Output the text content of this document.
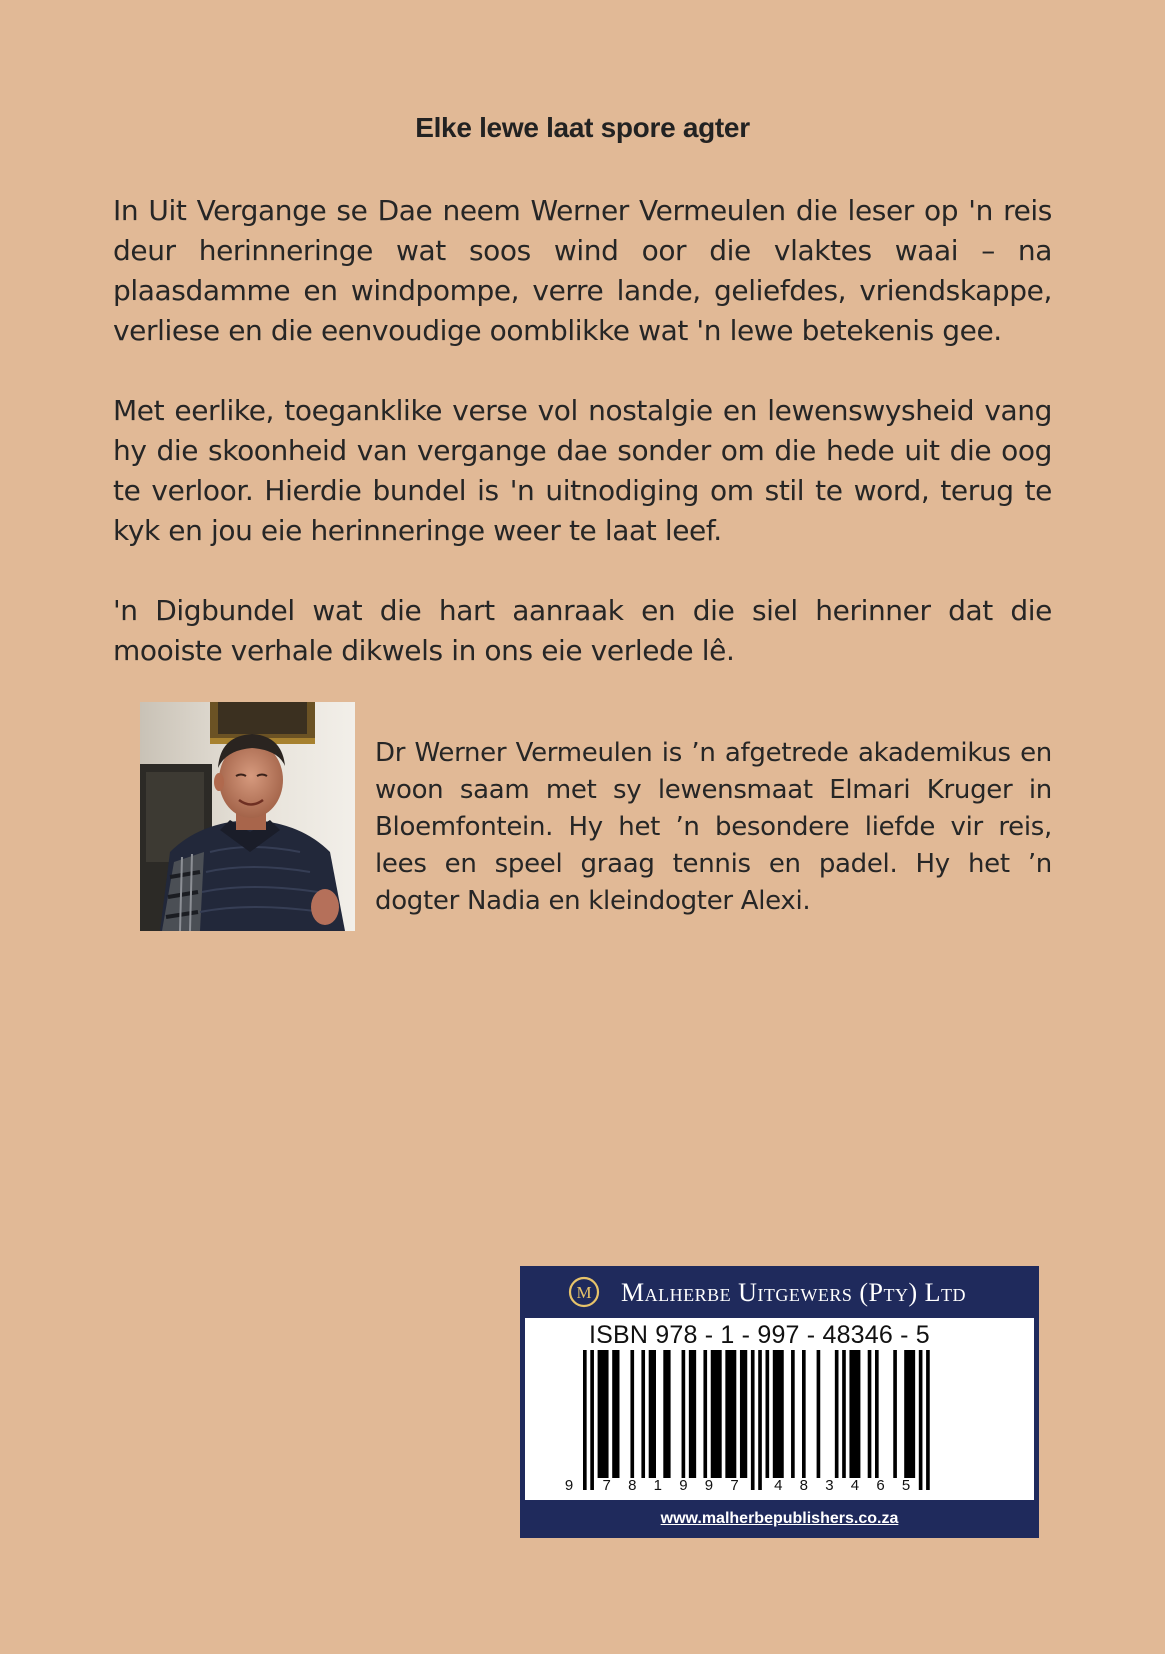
Elke lewe laat spore agter

In Uit Vergange se Dae neem Werner Vermeulen die leser op 'n reis deur herinneringe wat soos wind oor die vlaktes waai – na plaasdamme en windpompe, verre lande, geliefdes, vriendskappe, verliese en die eenvoudige oomblikke wat 'n lewe betekenis gee.

Met eerlike, toeganklike verse vol nostalgie en lewenswysheid vang hy die skoonheid van vergange dae sonder om die hede uit die oog te verloor. Hierdie bundel is 'n uitnodiging om stil te word, terug te kyk en jou eie herinneringe weer te laat leef.

'n Digbundel wat die hart aanraak en die siel herinner dat die mooiste verhale dikwels in ons eie verlede lê.

Dr Werner Vermeulen is ’n afgetrede akademikus en woon saam met sy lewensmaat Elmari Kruger in Bloemfontein. Hy het ’n besondere liefde vir reis, lees en speel graag tennis en padel. Hy het ’n dogter Nadia en kleindogter Alexi.

M Malherbe Uitgewers (Pty) Ltd
ISBN 978 - 1 - 997 - 48346 - 5
9 7 8 1 9 9 7 4 8 3 4 6 5
www.malherbepublishers.co.za
